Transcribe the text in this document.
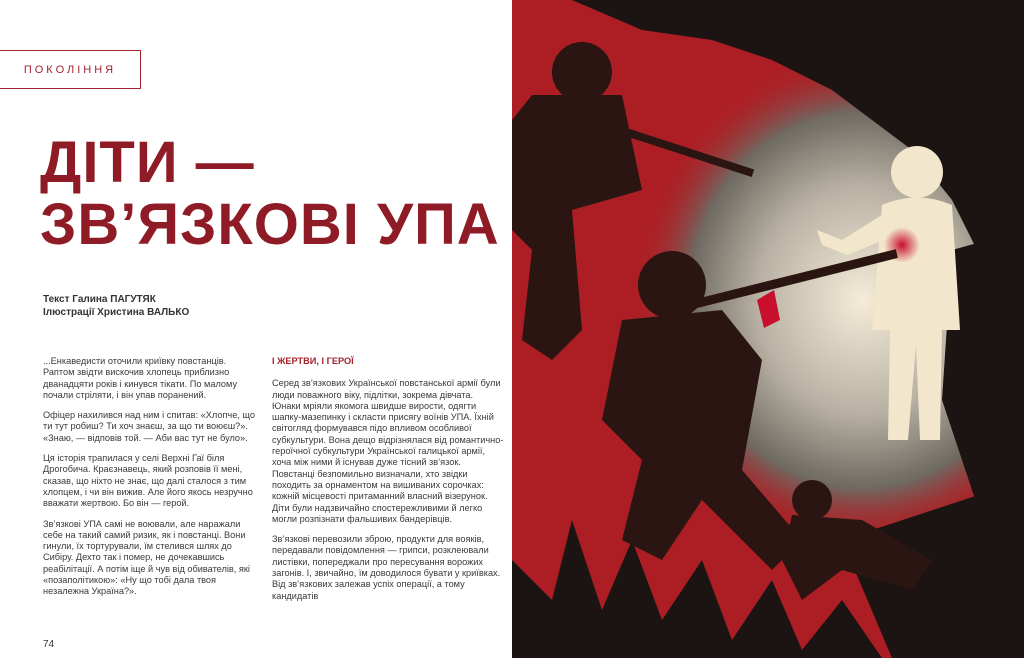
ПОКОЛІННЯ
ДІТИ —
ЗВ’ЯЗКОВІ УПА
Текст Галина ПАГУТЯК
Ілюстрації Христина ВАЛЬКО

...Енкаведисти оточили криївку повстанців. Раптом звідти вискочив хлопець приблизно дванадцяти років і кинувся тікати. По малому почали стріляти, і він упав поранений.

Офіцер нахилився над ним і спитав: «Хлопче, що ти тут робиш? Ти хоч знаєш, за що ти воюєш?». «Знаю, — відповів той. — Аби вас тут не було».

Ця історія трапилася у селі Верхні Гаї біля Дрогобича. Краєзнавець, який розповів її мені, сказав, що ніхто не знає, що далі сталося з тим хлопцем, і чи він вижив. Але його якось незручно вважати жертвою. Бо він — герой.

Зв’язкові УПА самі не воювали, але наражали себе на такий самий ризик, як і повстанці. Вони гинули, їх тортурували, їм стелився шлях до Сибіру. Дехто так і помер, не дочекавшись реабілітації. А потім іще й чув від обивателів, які «позаполітикою»: «Ну що тобі дала твоя незалежна Україна?».

І ЖЕРТВИ, І ГЕРОЇ

Серед зв’язкових Української повстанської армії були люди поважного віку, підлітки, зокрема дівчата. Юнаки мріяли якомога швидше вирости, одягти шапку-мазепинку і скласти присягу воїнів УПА. Їхній світогляд формувався підо впливом особливої субкультури. Вона дещо відрізнялася від романтично-героїчної субкультури Української галицької армії, хоча між ними й існував дуже тісний зв’язок. Повстанці безпомильно визначали, хто звідки походить за орнаментом на вишиваних сорочках: кожній місцевості притаманний власний візерунок. Діти були надзвичайно спостережливими й легко могли розпізнати фальшивих бандерівців.

Зв’язкові перевозили зброю, продукти для вояків, передавали повідомлення — грипси, розклеювали листівки, попереджали про пересування ворожих загонів. І, звичайно, їм доводилося бувати у криївках. Від зв’язкових залежав успіх операції, а тому кандидатів

74
